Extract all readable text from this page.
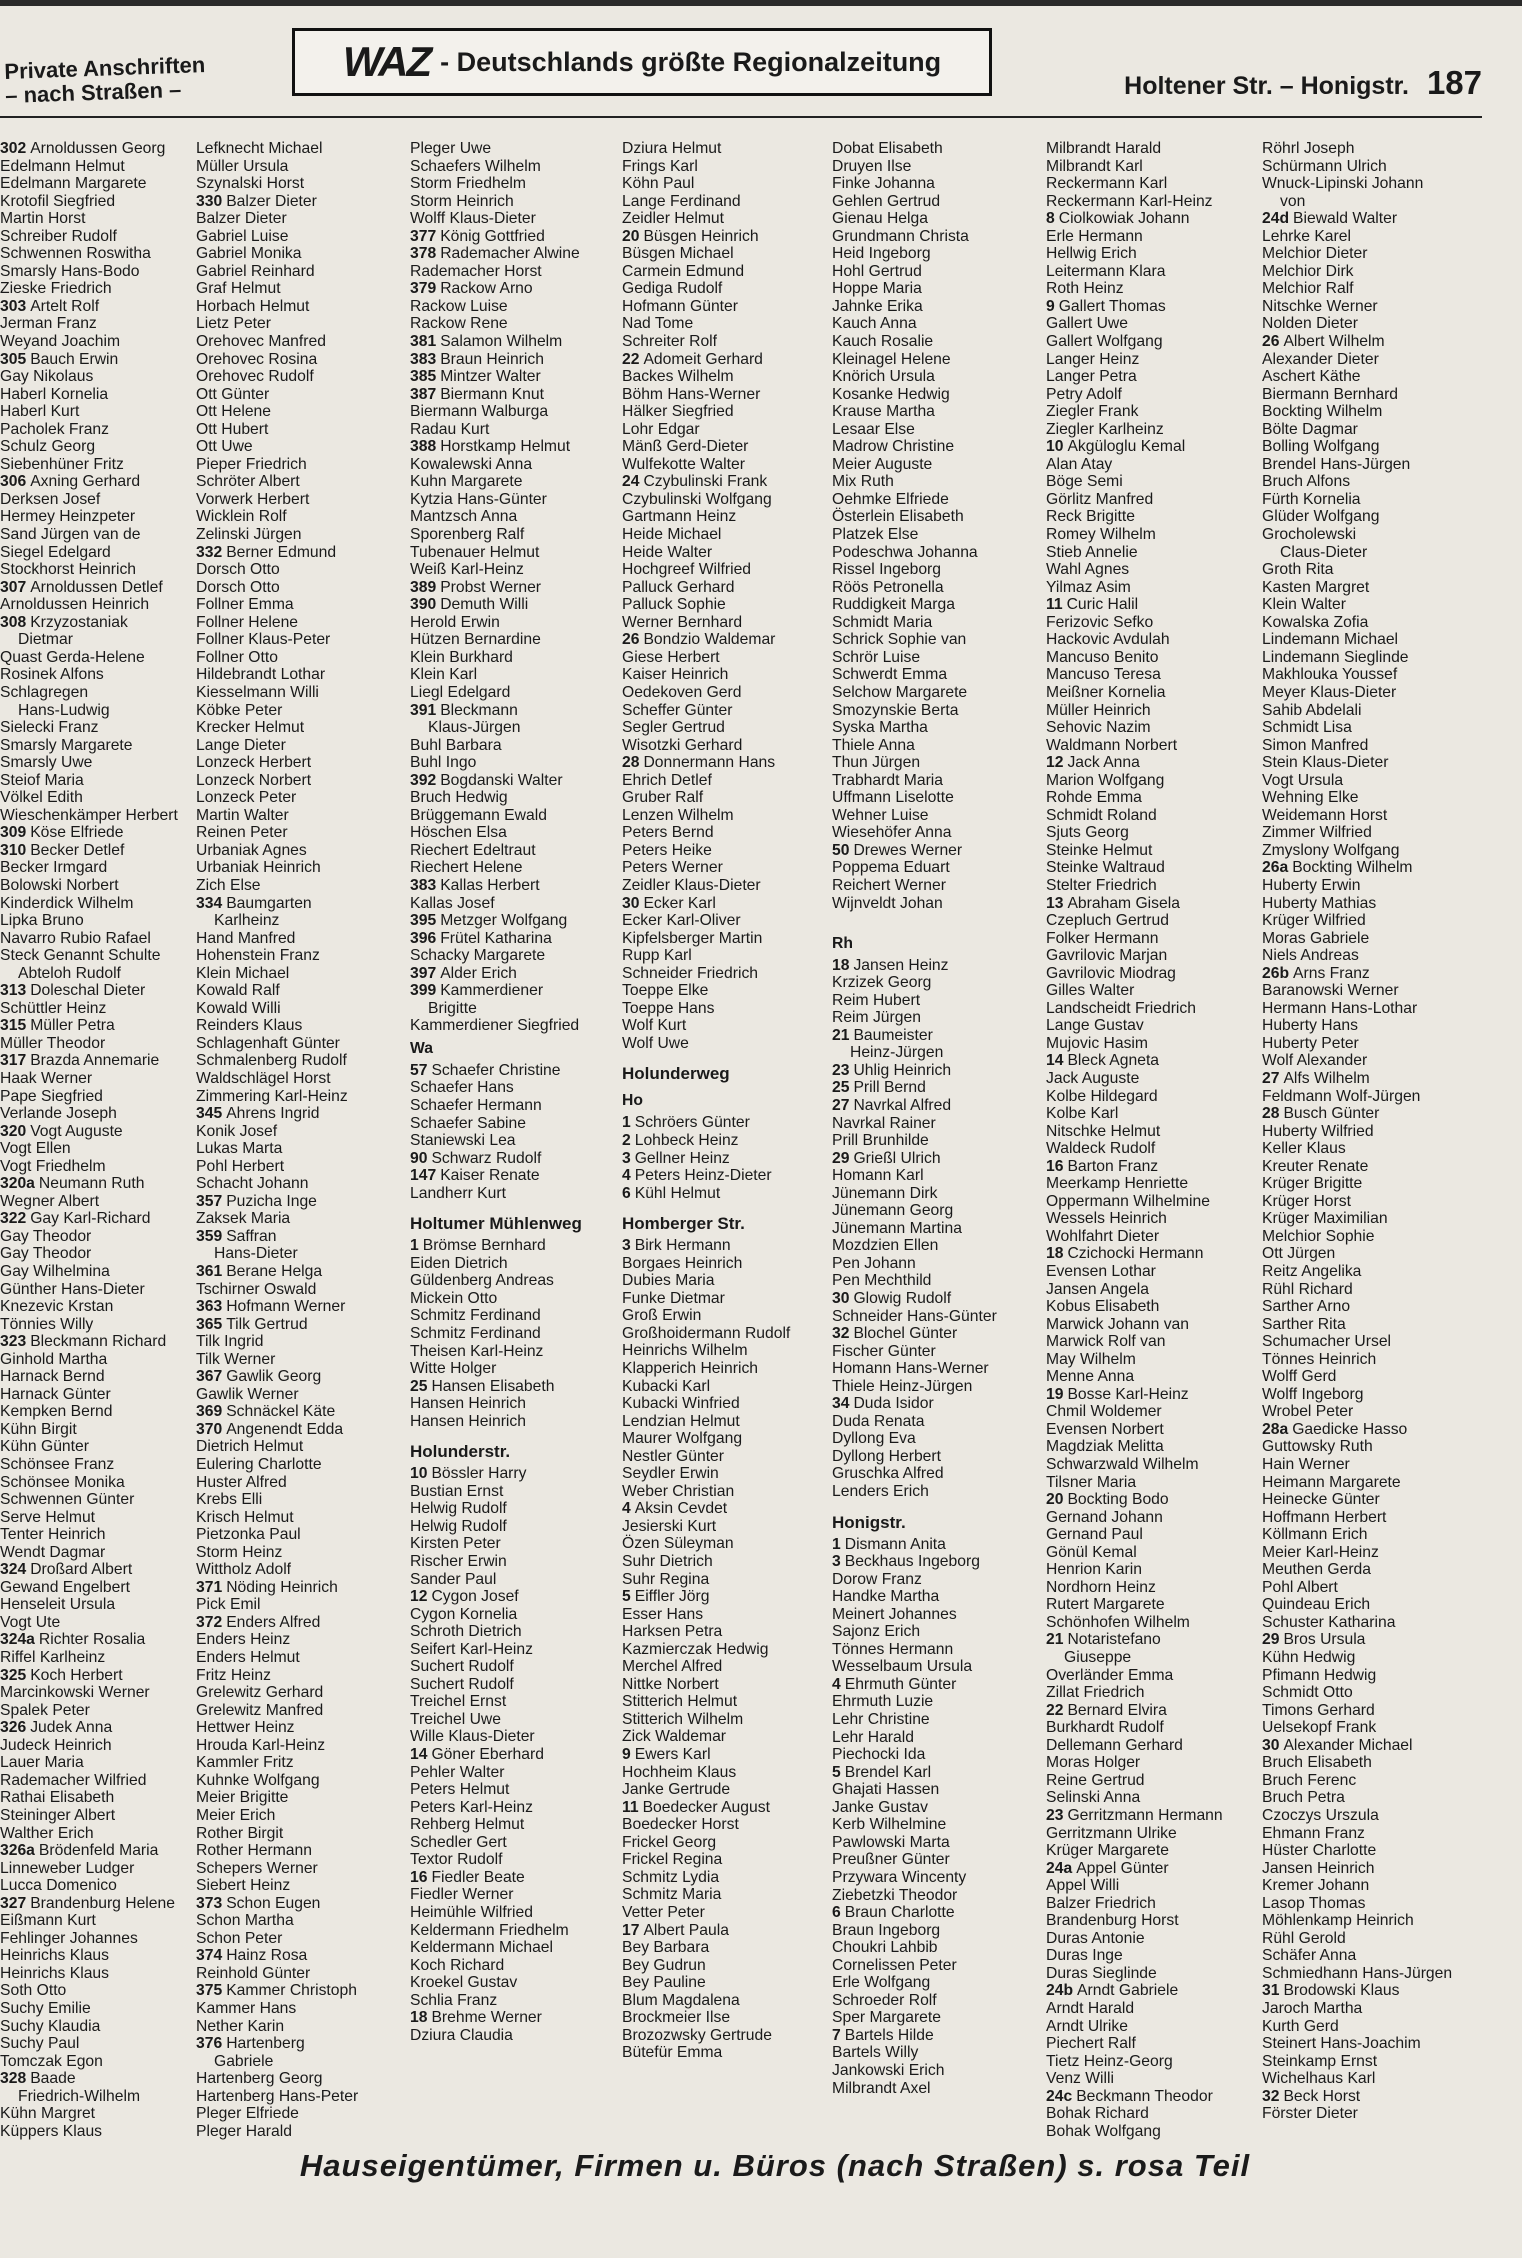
Private Anschriften – nach Straßen –
WAZ - Deutschlands größte Regionalzeitung
Holtener Str. – Honigstr. 187
302 Arnoldussen Georg
Edelmann Helmut
Edelmann Margarete
Krotofil Siegfried
Martin Horst
Schreiber Rudolf
Schwennen Roswitha
Smarsly Hans-Bodo
Zieske Friedrich
303 Artelt Rolf
Jerman Franz
Weyand Joachim
305 Bauch Erwin
Gay Nikolaus
Haberl Kornelia
Haberl Kurt
Pacholek Franz
Schulz Georg
Siebenhüner Fritz
306 Axning Gerhard
Derksen Josef
Hermey Heinzpeter
Sand Jürgen van de
Siegel Edelgard
Stockhorst Heinrich
307 Arnoldussen Detlef
Arnoldussen Heinrich
308 Krzyzostaniak
Dietmar
Quast Gerda-Helene
Rosinek Alfons
Schlagregen
Hans-Ludwig
Sielecki Franz
Smarsly Margarete
Smarsly Uwe
Steiof Maria
Völkel Edith
Wieschenkämper Herbert
309 Köse Elfriede
310 Becker Detlef
Becker Irmgard
Bolowski Norbert
Kinderdick Wilhelm
Lipka Bruno
Navarro Rubio Rafael
Steck Genannt Schulte
Abteloh Rudolf
313 Doleschal Dieter
Schüttler Heinz
315 Müller Petra
Müller Theodor
317 Brazda Annemarie
Haak Werner
Pape Siegfried
Verlande Joseph
320 Vogt Auguste
Vogt Ellen
Vogt Friedhelm
320a Neumann Ruth
Wegner Albert
322 Gay Karl-Richard
Gay Theodor
Gay Theodor
Gay Wilhelmina
Günther Hans-Dieter
Knezevic Krstan
Tönnies Willy
323 Bleckmann Richard
Ginhold Martha
Harnack Bernd
Harnack Günter
Kempken Bernd
Kühn Birgit
Kühn Günter
Schönsee Franz
Schönsee Monika
Schwennen Günter
Serve Helmut
Tenter Heinrich
Wendt Dagmar
324 Droßard Albert
Gewand Engelbert
Henseleit Ursula
Vogt Ute
324a Richter Rosalia
Riffel Karlheinz
325 Koch Herbert
Marcinkowski Werner
Spalek Peter
326 Judek Anna
Judeck Heinrich
Lauer Maria
Rademacher Wilfried
Rathai Elisabeth
Steininger Albert
Walther Erich
326a Brödenfeld Maria
Linneweber Ludger
Lucca Domenico
327 Brandenburg Helene
Eißmann Kurt
Fehlinger Johannes
Heinrichs Klaus
Heinrichs Klaus
Soth Otto
Suchy Emilie
Suchy Klaudia
Suchy Paul
Tomczak Egon
328 Baade
Friedrich-Wilhelm
Kühn Margret
Küppers Klaus
Lefknecht Michael
Müller Ursula
Szynalski Horst
330 Balzer Dieter
Balzer Dieter
Gabriel Luise
Gabriel Monika
Gabriel Reinhard
Graf Helmut
Horbach Helmut
Lietz Peter
Orehovec Manfred
Orehovec Rosina
Orehovec Rudolf
Ott Günter
Ott Helene
Ott Hubert
Ott Uwe
Pieper Friedrich
Schröter Albert
Vorwerk Herbert
Wicklein Rolf
Zelinski Jürgen
332 Berner Edmund
Dorsch Otto
Dorsch Otto
Follner Emma
Follner Helene
Follner Klaus-Peter
Follner Otto
Hildebrandt Lothar
Kiesselmann Willi
Köbke Peter
Krecker Helmut
Lange Dieter
Lonzeck Herbert
Lonzeck Norbert
Lonzeck Peter
Martin Walter
Reinen Peter
Urbaniak Agnes
Urbaniak Heinrich
Zich Else
334 Baumgarten
Karlheinz
Hand Manfred
Hohenstein Franz
Klein Michael
Kowald Ralf
Kowald Willi
Reinders Klaus
Schlagenhaft Günter
Schmalenberg Rudolf
Waldschlägel Horst
Zimmering Karl-Heinz
345 Ahrens Ingrid
Konik Josef
Lukas Marta
Pohl Herbert
Schacht Johann
357 Puzicha Inge
Zaksek Maria
359 Saffran
Hans-Dieter
361 Berane Helga
Tschirner Oswald
363 Hofmann Werner
365 Tilk Gertrud
Tilk Ingrid
Tilk Werner
367 Gawlik Georg
Gawlik Werner
369 Schnäckel Käte
370 Angenendt Edda
Dietrich Helmut
Eulering Charlotte
Huster Alfred
Krebs Elli
Krisch Helmut
Pietzonka Paul
Storm Heinz
Wittholz Adolf
371 Nöding Heinrich
Pick Emil
372 Enders Alfred
Enders Heinz
Enders Helmut
Fritz Heinz
Grelewitz Gerhard
Grelewitz Manfred
Hettwer Heinz
Hrouda Karl-Heinz
Kammler Fritz
Kuhnke Wolfgang
Meier Brigitte
Meier Erich
Rother Birgit
Rother Hermann
Schepers Werner
Siebert Heinz
373 Schon Eugen
Schon Martha
Schon Peter
374 Hainz Rosa
Reinhold Günter
375 Kammer Christoph
Kammer Hans
Nether Karin
376 Hartenberg
Gabriele
Hartenberg Georg
Hartenberg Hans-Peter
Pleger Elfriede
Pleger Harald
Pleger Uwe
Schaefers Wilhelm
Storm Friedhelm
Storm Heinrich
Wolff Klaus-Dieter
377 König Gottfried
378 Rademacher Alwine
Rademacher Horst
379 Rackow Arno
Rackow Luise
Rackow Rene
381 Salamon Wilhelm
383 Braun Heinrich
385 Mintzer Walter
387 Biermann Knut
Biermann Walburga
Radau Kurt
388 Horstkamp Helmut
Kowalewski Anna
Kuhn Margarete
Kytzia Hans-Günter
Mantzsch Anna
Sporenberg Ralf
Tubenauer Helmut
Weiß Karl-Heinz
389 Probst Werner
390 Demuth Willi
Herold Erwin
Hützen Bernardine
Klein Burkhard
Klein Karl
Liegl Edelgard
391 Bleckmann
Klaus-Jürgen
Buhl Barbara
Buhl Ingo
392 Bogdanski Walter
Bruch Hedwig
Brüggemann Ewald
Höschen Elsa
Riechert Edeltraut
Riechert Helene
383 Kallas Herbert
Kallas Josef
395 Metzger Wolfgang
396 Frütel Katharina
Schacky Margarete
397 Alder Erich
399 Kammerdiener
Brigitte
Kammerdiener Siegfried
Wa
57 Schaefer Christine
Schaefer Hans
Schaefer Hermann
Schaefer Sabine
Staniewski Lea
90 Schwarz Rudolf
147 Kaiser Renate
Landherr Kurt
Holtumer Mühlenweg
1 Brömse Bernhard
Eiden Dietrich
Güldenberg Andreas
Mickein Otto
Schmitz Ferdinand
Schmitz Ferdinand
Theisen Karl-Heinz
Witte Holger
25 Hansen Elisabeth
Hansen Heinrich
Hansen Heinrich
Holunderstr.
10 Bössler Harry
Bustian Ernst
Helwig Rudolf
Helwig Rudolf
Kirsten Peter
Rischer Erwin
Sander Paul
12 Cygon Josef
Cygon Kornelia
Schroth Dietrich
Seifert Karl-Heinz
Suchert Rudolf
Suchert Rudolf
Treichel Ernst
Treichel Uwe
Wille Klaus-Dieter
14 Göner Eberhard
Pehler Walter
Peters Helmut
Peters Karl-Heinz
Rehberg Helmut
Schedler Gert
Textor Rudolf
16 Fiedler Beate
Fiedler Werner
Heimühle Wilfried
Keldermann Friedhelm
Keldermann Michael
Koch Richard
Kroekel Gustav
Schlia Franz
18 Brehme Werner
Dziura Claudia
Dziura Helmut
Frings Karl
Köhn Paul
Lange Ferdinand
Zeidler Helmut
20 Büsgen Heinrich
Büsgen Michael
Carmein Edmund
Gediga Rudolf
Hofmann Günter
Nad Tome
Schreiter Rolf
22 Adomeit Gerhard
Backes Wilhelm
Böhm Hans-Werner
Hälker Siegfried
Lohr Edgar
Mänß Gerd-Dieter
Wulfekotte Walter
24 Czybulinski Frank
Czybulinski Wolfgang
Gartmann Heinz
Heide Michael
Heide Walter
Hochgreef Wilfried
Palluck Gerhard
Palluck Sophie
Werner Bernhard
26 Bondzio Waldemar
Giese Herbert
Kaiser Heinrich
Oedekoven Gerd
Scheffer Günter
Segler Gertrud
Wisotzki Gerhard
28 Donnermann Hans
Ehrich Detlef
Gruber Ralf
Lenzen Wilhelm
Peters Bernd
Peters Heike
Peters Werner
Zeidler Klaus-Dieter
30 Ecker Karl
Ecker Karl-Oliver
Kipfelsberger Martin
Rupp Karl
Schneider Friedrich
Toeppe Elke
Toeppe Hans
Wolf Kurt
Wolf Uwe
Holunderweg
Ho
1 Schröers Günter
2 Lohbeck Heinz
3 Gellner Heinz
4 Peters Heinz-Dieter
6 Kühl Helmut
Homberger Str.
3 Birk Hermann
Borgaes Heinrich
Dubies Maria
Funke Dietmar
Groß Erwin
Großhoidermann Rudolf
Heinrichs Wilhelm
Klapperich Heinrich
Kubacki Karl
Kubacki Winfried
Lendzian Helmut
Maurer Wolfgang
Nestler Günter
Seydler Erwin
Weber Christian
4 Aksin Cevdet
Jesierski Kurt
Özen Süleyman
Suhr Dietrich
Suhr Regina
5 Eiffler Jörg
Esser Hans
Harksen Petra
Kazmierczak Hedwig
Merchel Alfred
Nittke Norbert
Stitterich Helmut
Stitterich Wilhelm
Zick Waldemar
9 Ewers Karl
Hochheim Klaus
Janke Gertrude
11 Boedecker August
Boedecker Horst
Frickel Georg
Frickel Regina
Schmitz Lydia
Schmitz Maria
Vetter Peter
17 Albert Paula
Bey Barbara
Bey Gudrun
Bey Pauline
Blum Magdalena
Brockmeier Ilse
Brozozwsky Gertrude
Bütefür Emma
Dobat Elisabeth
Druyen Ilse
Finke Johanna
Gehlen Gertrud
Gienau Helga
Grundmann Christa
Heid Ingeborg
Hohl Gertrud
Hoppe Maria
Jahnke Erika
Kauch Anna
Kauch Rosalie
Kleinagel Helene
Knörich Ursula
Kosanke Hedwig
Krause Martha
Lesaar Else
Madrow Christine
Meier Auguste
Mix Ruth
Oehmke Elfriede
Österlein Elisabeth
Platzek Else
Podeschwa Johanna
Rissel Ingeborg
Röös Petronella
Ruddigkeit Marga
Schmidt Maria
Schrick Sophie van
Schrör Luise
Schwerdt Emma
Selchow Margarete
Smozynskie Berta
Syska Martha
Thiele Anna
Thun Jürgen
Trabhardt Maria
Uffmann Liselotte
Wehner Luise
Wiesehöfer Anna
50 Drewes Werner
Poppema Eduart
Reichert Werner
Wijnveldt Johan
Rh
18 Jansen Heinz
Krzizek Georg
Reim Hubert
Reim Jürgen
21 Baumeister
Heinz-Jürgen
23 Uhlig Heinrich
25 Prill Bernd
27 Navrkal Alfred
Navrkal Rainer
Prill Brunhilde
29 Grießl Ulrich
Homann Karl
Jünemann Dirk
Jünemann Georg
Jünemann Martina
Mozdzien Ellen
Pen Johann
Pen Mechthild
30 Glowig Rudolf
Schneider Hans-Günter
32 Blochel Günter
Fischer Günter
Homann Hans-Werner
Thiele Heinz-Jürgen
34 Duda Isidor
Duda Renata
Dyllong Eva
Dyllong Herbert
Gruschka Alfred
Lenders Erich
Honigstr.
1 Dismann Anita
3 Beckhaus Ingeborg
Dorow Franz
Handke Martha
Meinert Johannes
Sajonz Erich
Tönnes Hermann
Wesselbaum Ursula
4 Ehrmuth Günter
Ehrmuth Luzie
Lehr Christine
Lehr Harald
Piechocki Ida
5 Brendel Karl
Ghajati Hassen
Janke Gustav
Kerb Wilhelmine
Pawlowski Marta
Preußner Günter
Przywara Wincenty
Ziebetzki Theodor
6 Braun Charlotte
Braun Ingeborg
Choukri Lahbib
Cornelissen Peter
Erle Wolfgang
Schroeder Rolf
Sper Margarete
7 Bartels Hilde
Bartels Willy
Jankowski Erich
Milbrandt Axel
Milbrandt Harald
Milbrandt Karl
Reckermann Karl
Reckermann Karl-Heinz
8 Ciolkowiak Johann
Erle Hermann
Hellwig Erich
Leitermann Klara
Roth Heinz
9 Gallert Thomas
Gallert Uwe
Gallert Wolfgang
Langer Heinz
Langer Petra
Petry Adolf
Ziegler Frank
Ziegler Karlheinz
10 Akgüloglu Kemal
Alan Atay
Böge Semi
Görlitz Manfred
Reck Brigitte
Romey Wilhelm
Stieb Annelie
Wahl Agnes
Yilmaz Asim
11 Curic Halil
Ferizovic Sefko
Hackovic Avdulah
Mancuso Benito
Mancuso Teresa
Meißner Kornelia
Müller Heinrich
Sehovic Nazim
Waldmann Norbert
12 Jack Anna
Marion Wolfgang
Rohde Emma
Schmidt Roland
Sjuts Georg
Steinke Helmut
Steinke Waltraud
Stelter Friedrich
13 Abraham Gisela
Czepluch Gertrud
Folker Hermann
Gavrilovic Marjan
Gavrilovic Miodrag
Gilles Walter
Landscheidt Friedrich
Lange Gustav
Mujovic Hasim
14 Bleck Agneta
Jack Auguste
Kolbe Hildegard
Kolbe Karl
Nitschke Helmut
Waldeck Rudolf
16 Barton Franz
Meerkamp Henriette
Oppermann Wilhelmine
Wessels Heinrich
Wohlfahrt Dieter
18 Czichocki Hermann
Evensen Lothar
Jansen Angela
Kobus Elisabeth
Marwick Johann van
Marwick Rolf van
May Wilhelm
Menne Anna
19 Bosse Karl-Heinz
Chmil Woldemer
Evensen Norbert
Magdziak Melitta
Schwarzwald Wilhelm
Tilsner Maria
20 Bockting Bodo
Gernand Johann
Gernand Paul
Gönül Kemal
Henrion Karin
Nordhorn Heinz
Rutert Margarete
Schönhofen Wilhelm
21 Notaristefano
Giuseppe
Overländer Emma
Zillat Friedrich
22 Bernard Elvira
Burkhardt Rudolf
Dellemann Gerhard
Moras Holger
Reine Gertrud
Selinski Anna
23 Gerritzmann Hermann
Gerritzmann Ulrike
Krüger Margarete
24a Appel Günter
Appel Willi
Balzer Friedrich
Brandenburg Horst
Duras Antonie
Duras Inge
Duras Sieglinde
24b Arndt Gabriele
Arndt Harald
Arndt Ulrike
Piechert Ralf
Tietz Heinz-Georg
Venz Willi
24c Beckmann Theodor
Bohak Richard
Bohak Wolfgang
Röhrl Joseph
Schürmann Ulrich
Wnuck-Lipinski Johann
von
24d Biewald Walter
Lehrke Karel
Melchior Dieter
Melchior Dirk
Melchior Ralf
Nitschke Werner
Nolden Dieter
26 Albert Wilhelm
Alexander Dieter
Aschert Käthe
Biermann Bernhard
Bockting Wilhelm
Bölte Dagmar
Bolling Wolfgang
Brendel Hans-Jürgen
Bruch Alfons
Fürth Kornelia
Glüder Wolfgang
Grocholewski
Claus-Dieter
Groth Rita
Kasten Margret
Klein Walter
Kowalska Zofia
Lindemann Michael
Lindemann Sieglinde
Makhlouka Youssef
Meyer Klaus-Dieter
Sahib Abdelali
Schmidt Lisa
Simon Manfred
Stein Klaus-Dieter
Vogt Ursula
Wehning Elke
Weidemann Horst
Zimmer Wilfried
Zmyslony Wolfgang
26a Bockting Wilhelm
Huberty Erwin
Huberty Mathias
Krüger Wilfried
Moras Gabriele
Niels Andreas
26b Arns Franz
Baranowski Werner
Hermann Hans-Lothar
Huberty Hans
Huberty Peter
Wolf Alexander
27 Alfs Wilhelm
Feldmann Wolf-Jürgen
28 Busch Günter
Huberty Wilfried
Keller Klaus
Kreuter Renate
Krüger Brigitte
Krüger Horst
Krüger Maximilian
Melchior Sophie
Ott Jürgen
Reitz Angelika
Rühl Richard
Sarther Arno
Sarther Rita
Schumacher Ursel
Tönnes Heinrich
Wolff Gerd
Wolff Ingeborg
Wrobel Peter
28a Gaedicke Hasso
Guttowsky Ruth
Hain Werner
Heimann Margarete
Heinecke Günter
Hoffmann Herbert
Köllmann Erich
Meier Karl-Heinz
Meuthen Gerda
Pohl Albert
Quindeau Erich
Schuster Katharina
29 Bros Ursula
Kühn Hedwig
Pfimann Hedwig
Schmidt Otto
Timons Gerhard
Uelsekopf Frank
30 Alexander Michael
Bruch Elisabeth
Bruch Ferenc
Bruch Petra
Czoczys Urszula
Ehmann Franz
Hüster Charlotte
Jansen Heinrich
Kremer Johann
Lasop Thomas
Möhlenkamp Heinrich
Rühl Gerold
Schäfer Anna
Schmiedhann Hans-Jürgen
31 Brodowski Klaus
Jaroch Martha
Kurth Gerd
Steinert Hans-Joachim
Steinkamp Ernst
Wichelhaus Karl
32 Beck Horst
Förster Dieter
Hauseigentümer, Firmen u. Büros (nach Straßen) s. rosa Teil
